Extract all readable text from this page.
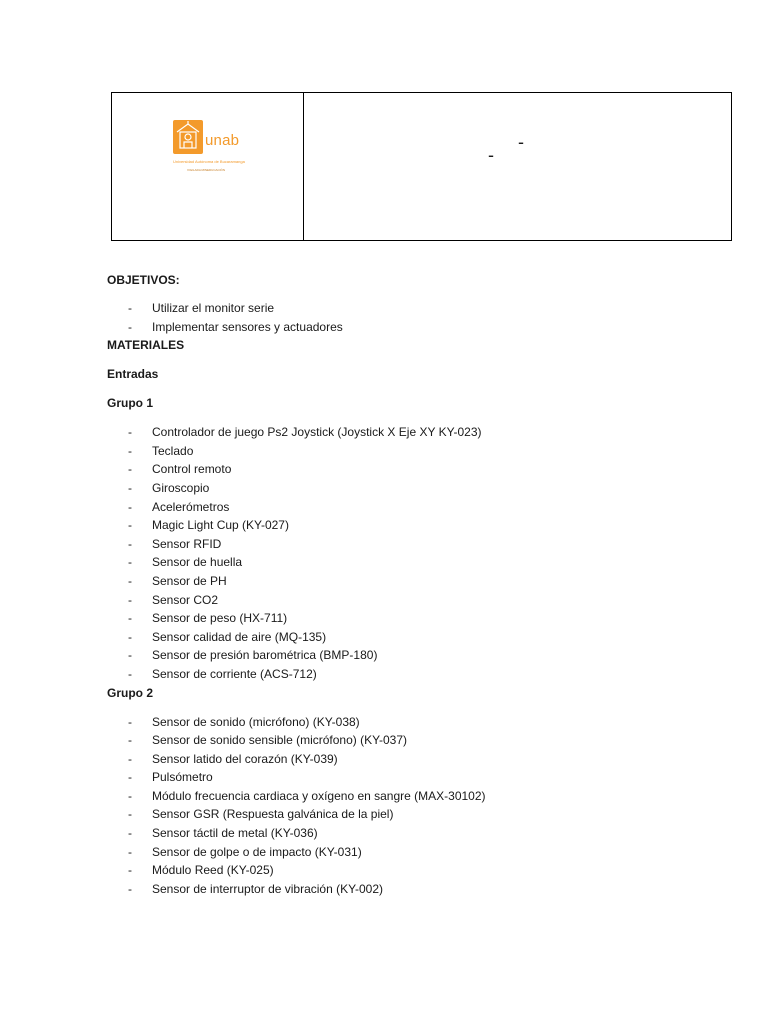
unab
Universidad Autónoma de Bucaramanga
VIGILADA MINEDUCACIÓN
-
-

OBJETIVOS:

- Utilizar el monitor serie
- Implementar sensores y actuadores

MATERIALES

Entradas

Grupo 1

- Controlador de juego Ps2 Joystick (Joystick X Eje XY KY-023)
- Teclado
- Control remoto
- Giroscopio
- Acelerómetros
- Magic Light Cup (KY-027)
- Sensor RFID
- Sensor de huella
- Sensor de PH
- Sensor CO2
- Sensor de peso (HX-711)
- Sensor calidad de aire (MQ-135)
- Sensor de presión barométrica (BMP-180)
- Sensor de corriente (ACS-712)

Grupo 2

- Sensor de sonido (micrófono) (KY-038)
- Sensor de sonido sensible (micrófono) (KY-037)
- Sensor latido del corazón (KY-039)
- Pulsómetro
- Módulo frecuencia cardiaca y oxígeno en sangre (MAX-30102)
- Sensor GSR (Respuesta galvánica de la piel)
- Sensor táctil de metal (KY-036)
- Sensor de golpe o de impacto (KY-031)
- Módulo Reed (KY-025)
- Sensor de interruptor de vibración (KY-002)
